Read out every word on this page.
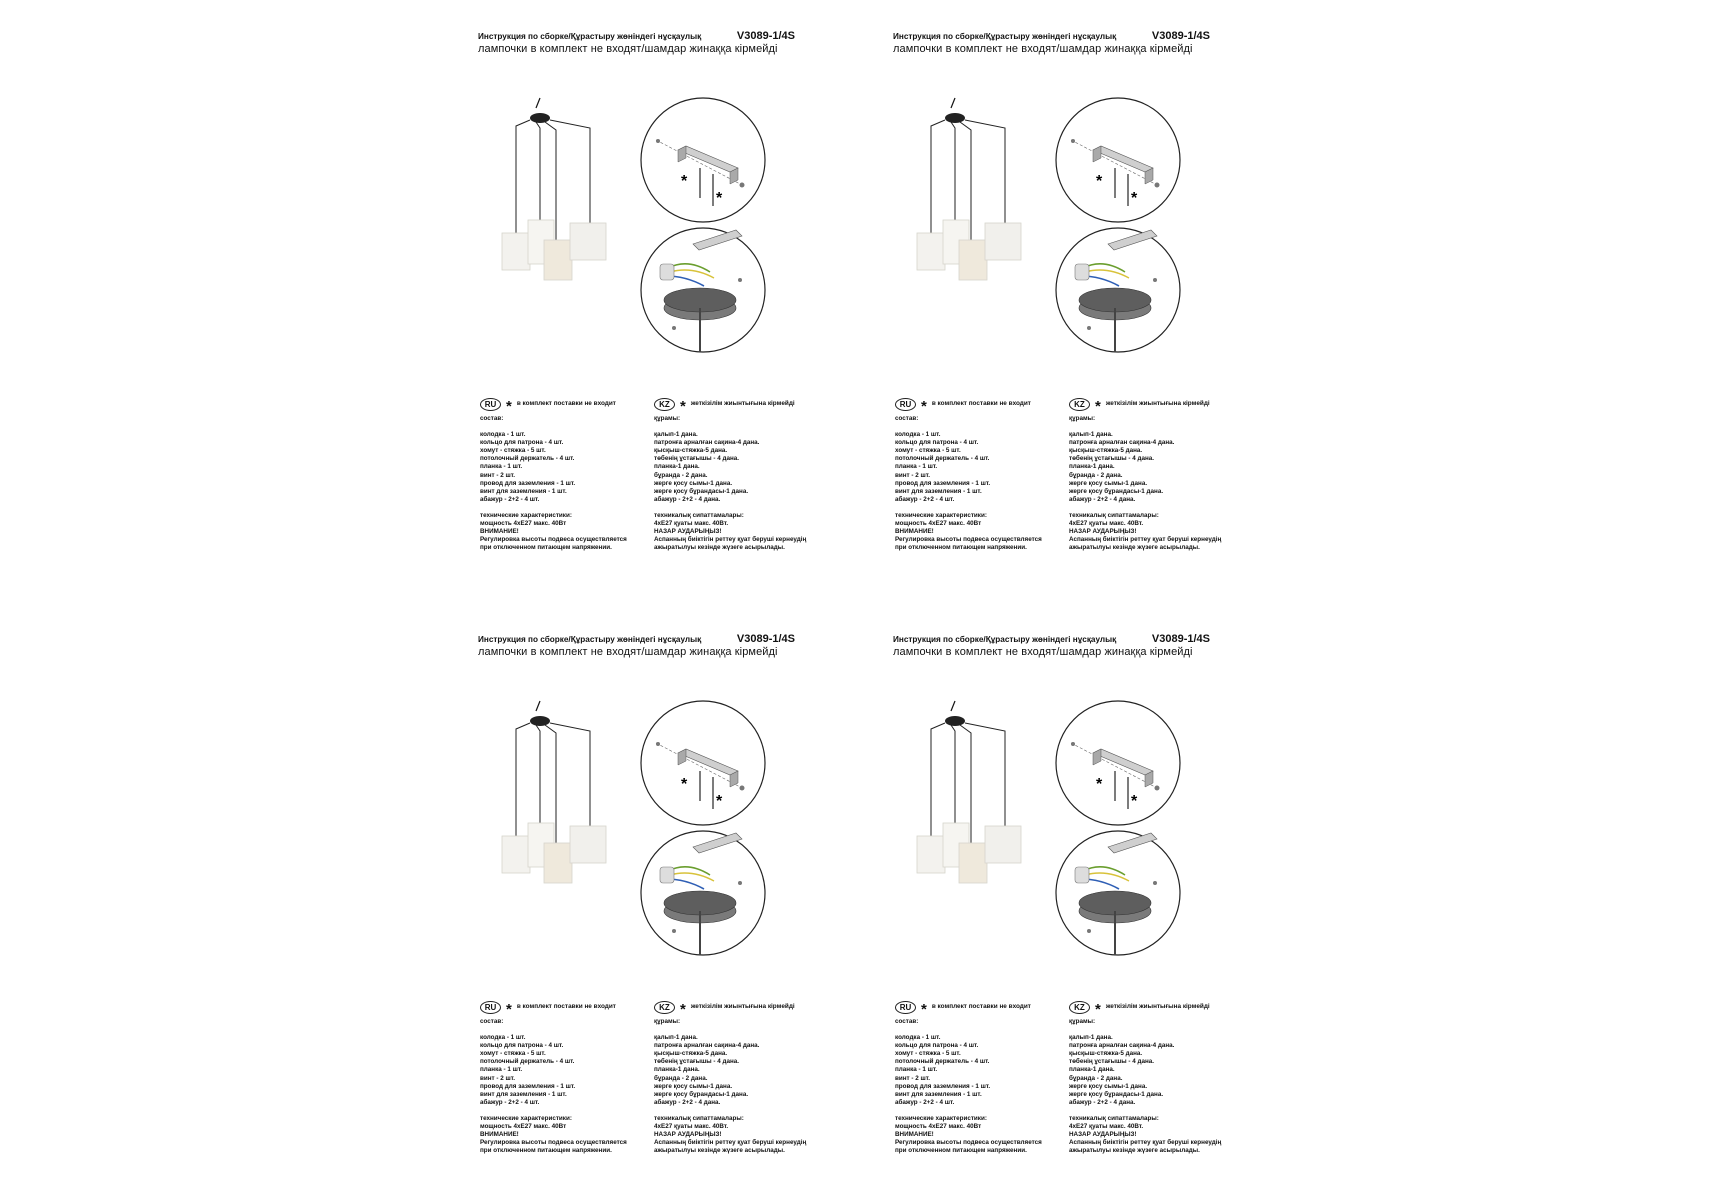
Инструкция по сборке/Құрастыру жөніндегі нұсқаулық	V3089-1/4S
лампочки в комплект не входят/шамдар жинаққа кірмейді
*
*
RU * в комплект поставки не входит
состав:
колодка - 1 шт.
кольцо для патрона - 4 шт.
хомут - стяжка - 5 шт.
потолочный держатель - 4 шт.
планка - 1 шт.
винт - 2 шт.
провод для заземления - 1 шт.
винт для заземления - 1 шт.
абажур - 2+2 - 4 шт.
технические характеристики:
мощность 4хЕ27 макс. 40Вт
ВНИМАНИЕ!
Регулировка высоты подвеса осуществляется
при отключенном питающем напряжении.
KZ * жеткізілім жиынтығына кірмейді
құрамы:
қалып-1 дана.
патронға арналған сақина-4 дана.
қысқыш-стяжка-5 дана.
төбенің ұстағышы - 4 дана.
планка-1 дана.
бұранда - 2 дана.
жерге қосу сымы-1 дана.
жерге қосу бұрандасы-1 дана.
абажур - 2+2 - 4 дана.
техникалық сипаттамалары:
4хЕ27 қуаты макс. 40Вт.
НАЗАР АУДАРЫҢЫЗ!
Аспанның биіктігін реттеу қуат беруші кернеудің
ажыратылуы кезінде жүзеге асырылады.
Инструкция по сборке/Құрастыру жөніндегі нұсқаулық	V3089-1/4S
лампочки в комплект не входят/шамдар жинаққа кірмейді
*
*
RU * в комплект поставки не входит
состав:
колодка - 1 шт.
кольцо для патрона - 4 шт.
хомут - стяжка - 5 шт.
потолочный держатель - 4 шт.
планка - 1 шт.
винт - 2 шт.
провод для заземления - 1 шт.
винт для заземления - 1 шт.
абажур - 2+2 - 4 шт.
технические характеристики:
мощность 4хЕ27 макс. 40Вт
ВНИМАНИЕ!
Регулировка высоты подвеса осуществляется
при отключенном питающем напряжении.
KZ * жеткізілім жиынтығына кірмейді
құрамы:
қалып-1 дана.
патронға арналған сақина-4 дана.
қысқыш-стяжка-5 дана.
төбенің ұстағышы - 4 дана.
планка-1 дана.
бұранда - 2 дана.
жерге қосу сымы-1 дана.
жерге қосу бұрандасы-1 дана.
абажур - 2+2 - 4 дана.
техникалық сипаттамалары:
4хЕ27 қуаты макс. 40Вт.
НАЗАР АУДАРЫҢЫЗ!
Аспанның биіктігін реттеу қуат беруші кернеудің
ажыратылуы кезінде жүзеге асырылады.
Инструкция по сборке/Құрастыру жөніндегі нұсқаулық	V3089-1/4S
лампочки в комплект не входят/шамдар жинаққа кірмейді
*
*
RU * в комплект поставки не входит
состав:
колодка - 1 шт.
кольцо для патрона - 4 шт.
хомут - стяжка - 5 шт.
потолочный держатель - 4 шт.
планка - 1 шт.
винт - 2 шт.
провод для заземления - 1 шт.
винт для заземления - 1 шт.
абажур - 2+2 - 4 шт.
технические характеристики:
мощность 4хЕ27 макс. 40Вт
ВНИМАНИЕ!
Регулировка высоты подвеса осуществляется
при отключенном питающем напряжении.
KZ * жеткізілім жиынтығына кірмейді
құрамы:
қалып-1 дана.
патронға арналған сақина-4 дана.
қысқыш-стяжка-5 дана.
төбенің ұстағышы - 4 дана.
планка-1 дана.
бұранда - 2 дана.
жерге қосу сымы-1 дана.
жерге қосу бұрандасы-1 дана.
абажур - 2+2 - 4 дана.
техникалық сипаттамалары:
4хЕ27 қуаты макс. 40Вт.
НАЗАР АУДАРЫҢЫЗ!
Аспанның биіктігін реттеу қуат беруші кернеудің
ажыратылуы кезінде жүзеге асырылады.
Инструкция по сборке/Құрастыру жөніндегі нұсқаулық	V3089-1/4S
лампочки в комплект не входят/шамдар жинаққа кірмейді
*
*
RU * в комплект поставки не входит
состав:
колодка - 1 шт.
кольцо для патрона - 4 шт.
хомут - стяжка - 5 шт.
потолочный держатель - 4 шт.
планка - 1 шт.
винт - 2 шт.
провод для заземления - 1 шт.
винт для заземления - 1 шт.
абажур - 2+2 - 4 шт.
технические характеристики:
мощность 4хЕ27 макс. 40Вт
ВНИМАНИЕ!
Регулировка высоты подвеса осуществляется
при отключенном питающем напряжении.
KZ * жеткізілім жиынтығына кірмейді
құрамы:
қалып-1 дана.
патронға арналған сақина-4 дана.
қысқыш-стяжка-5 дана.
төбенің ұстағышы - 4 дана.
планка-1 дана.
бұранда - 2 дана.
жерге қосу сымы-1 дана.
жерге қосу бұрандасы-1 дана.
абажур - 2+2 - 4 дана.
техникалық сипаттамалары:
4хЕ27 қуаты макс. 40Вт.
НАЗАР АУДАРЫҢЫЗ!
Аспанның биіктігін реттеу қуат беруші кернеудің
ажыратылуы кезінде жүзеге асырылады.
